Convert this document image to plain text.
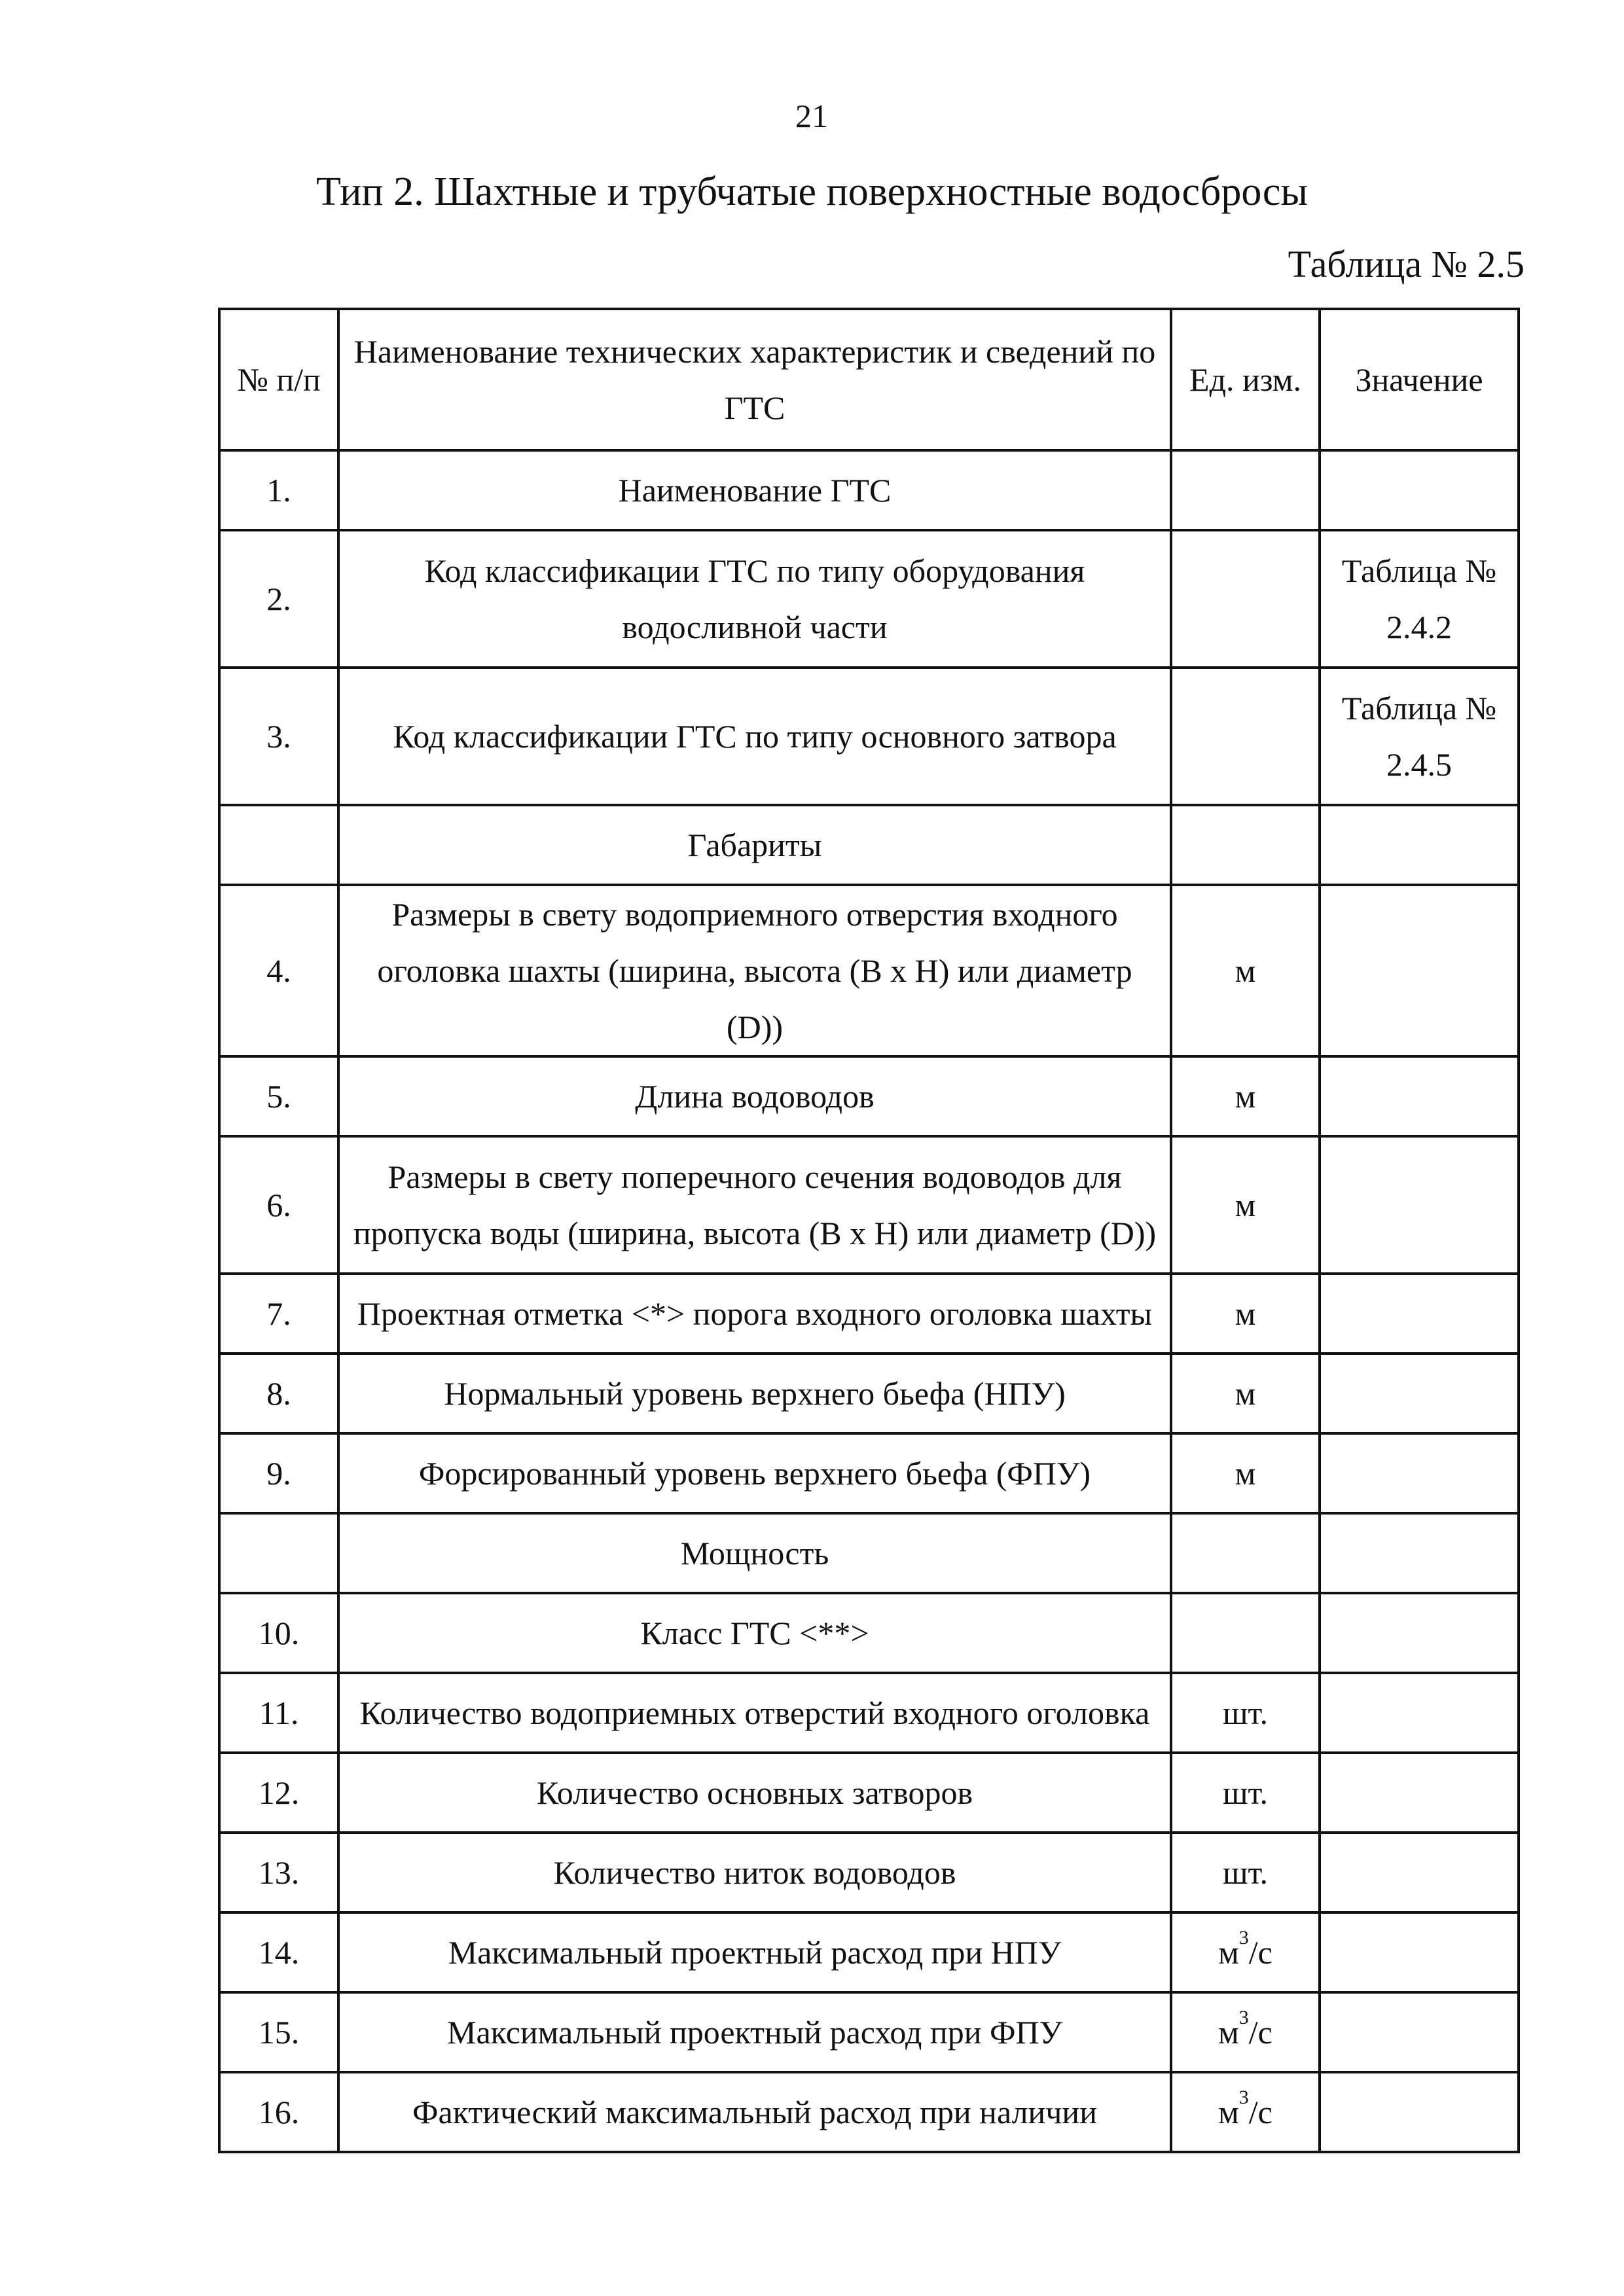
21
Тип 2. Шахтные и трубчатые поверхностные водосбросы
Таблица № 2.5
№ п/п	Наименование технических характеристик и сведений по ГТС	Ед. изм.	Значение
1.	Наименование ГТС		
2.	Код классификации ГТС по типу оборудования водосливной части		Таблица № 2.4.2
3.	Код классификации ГТС по типу основного затвора		Таблица № 2.4.5
	Габариты		
4.	Размеры в свету водоприемного отверстия входного оголовка шахты (ширина, высота (B x H) или диаметр (D))	м	
5.	Длина водоводов	м	
6.	Размеры в свету поперечного сечения водоводов для пропуска воды (ширина, высота (B x H) или диаметр (D))	м	
7.	Проектная отметка <*> порога входного оголовка шахты	м	
8.	Нормальный уровень верхнего бьефа (НПУ)	м	
9.	Форсированный уровень верхнего бьефа (ФПУ)	м	
	Мощность		
10.	Класс ГТС <**>		
11.	Количество водоприемных отверстий входного оголовка	шт.	
12.	Количество основных затворов	шт.	
13.	Количество ниток водоводов	шт.	
14.	Максимальный проектный расход при НПУ	$м^3/с$	
15.	Максимальный проектный расход при ФПУ	$м^3/с$	
16.	Фактический максимальный расход при наличии	$м^3/с$	
